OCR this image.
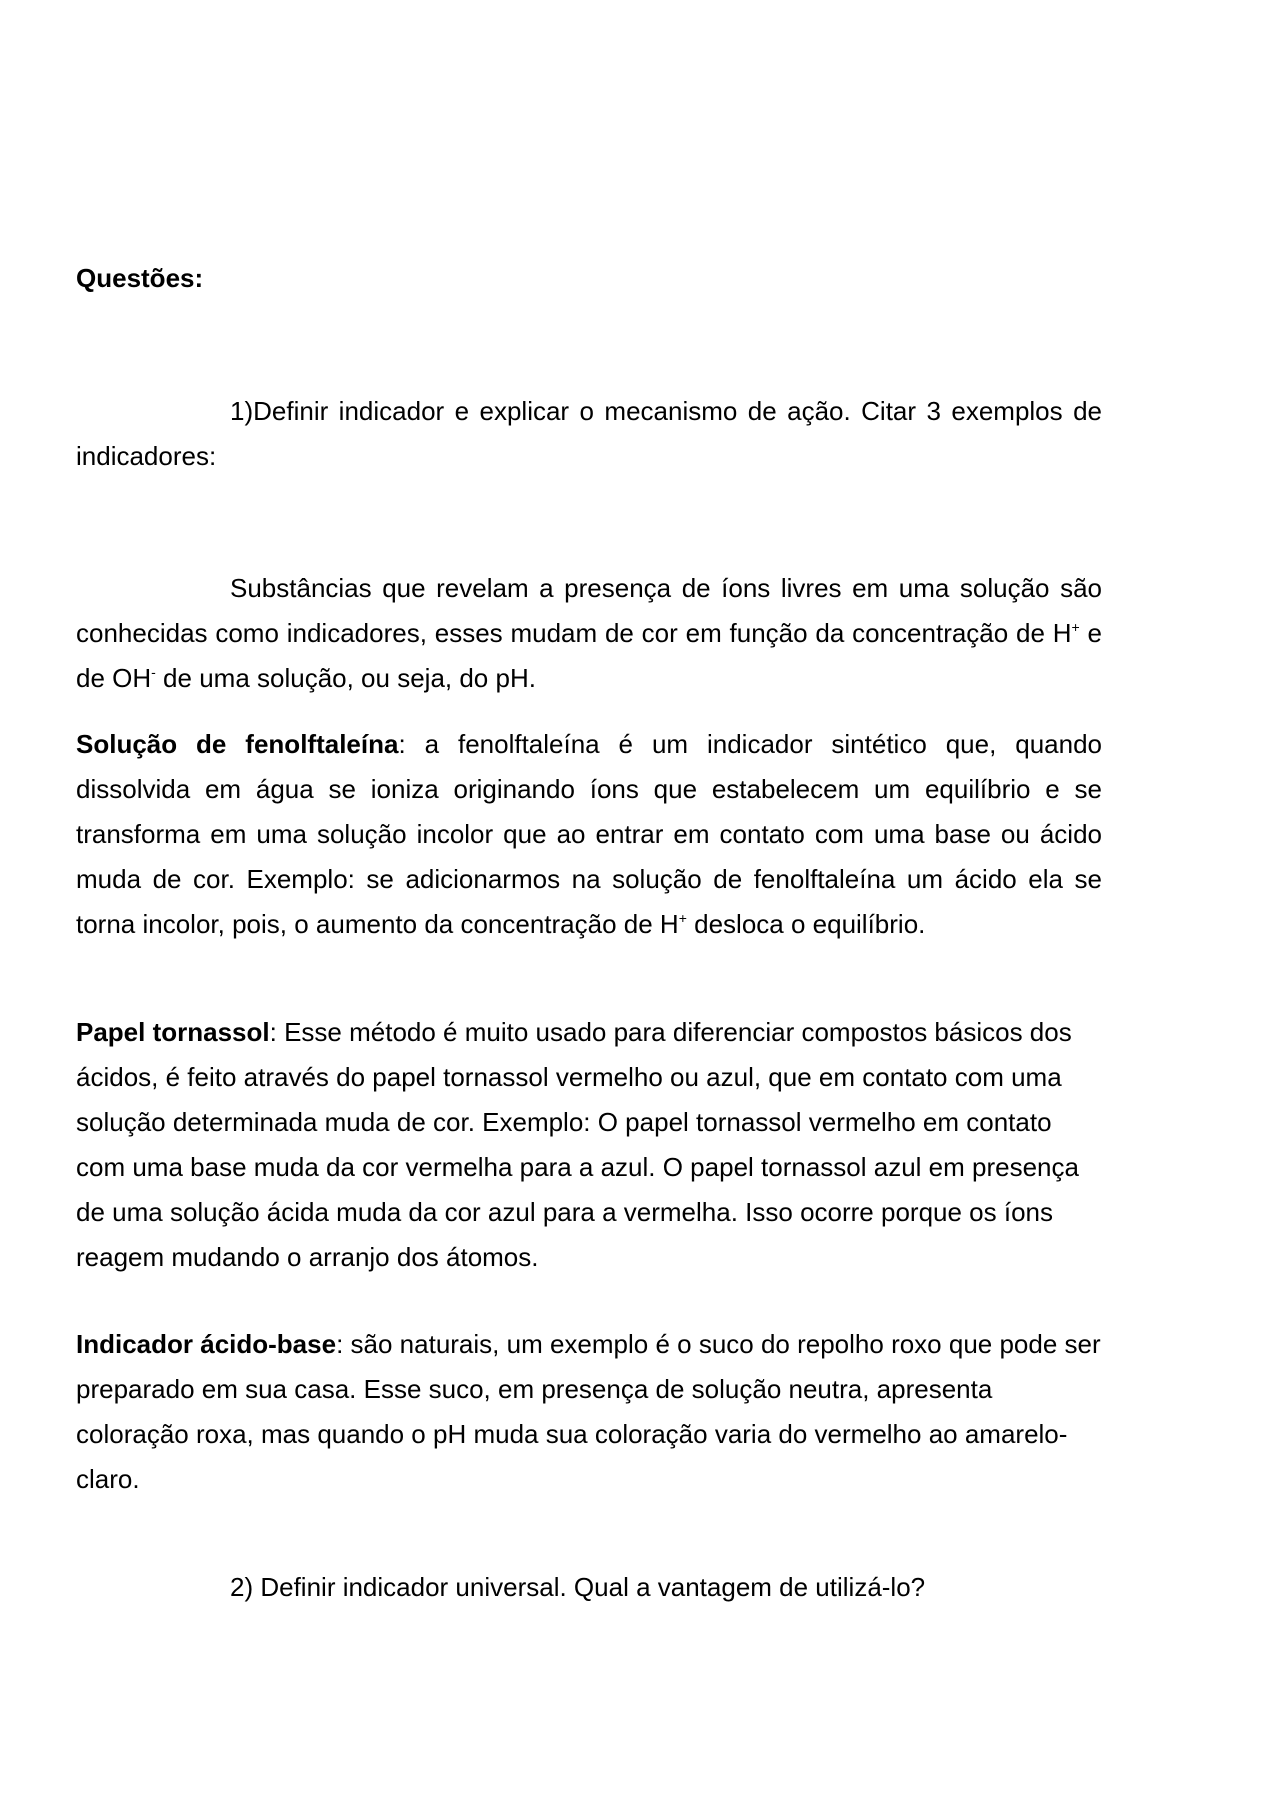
Questões:

1)Definir indicador e explicar o mecanismo de ação. Citar 3 exemplos de indicadores:

Substâncias que revelam a presença de íons livres em uma solução são conhecidas como indicadores, esses mudam de cor em função da concentração de H+ e de OH- de uma solução, ou seja, do pH.

Solução de fenolftaleína: a fenolftaleína é um indicador sintético que, quando dissolvida em água se ioniza originando íons que estabelecem um equilíbrio e se transforma em uma solução incolor que ao entrar em contato com uma base ou ácido muda de cor. Exemplo: se adicionarmos na solução de fenolftaleína um ácido ela se torna incolor, pois, o aumento da concentração de H+ desloca o equilíbrio.

Papel tornassol: Esse método é muito usado para diferenciar compostos básicos dos ácidos, é feito através do papel tornassol vermelho ou azul, que em contato com uma solução determinada muda de cor. Exemplo: O papel tornassol vermelho em contato com uma base muda da cor vermelha para a azul. O papel tornassol azul em presença de uma solução ácida muda da cor azul para a vermelha. Isso ocorre porque os íons reagem mudando o arranjo dos átomos.

Indicador ácido-base: são naturais, um exemplo é o suco do repolho roxo que pode ser preparado em sua casa. Esse suco, em presença de solução neutra, apresenta coloração roxa, mas quando o pH muda sua coloração varia do vermelho ao amarelo-claro.

2) Definir indicador universal. Qual a vantagem de utilizá-lo?
